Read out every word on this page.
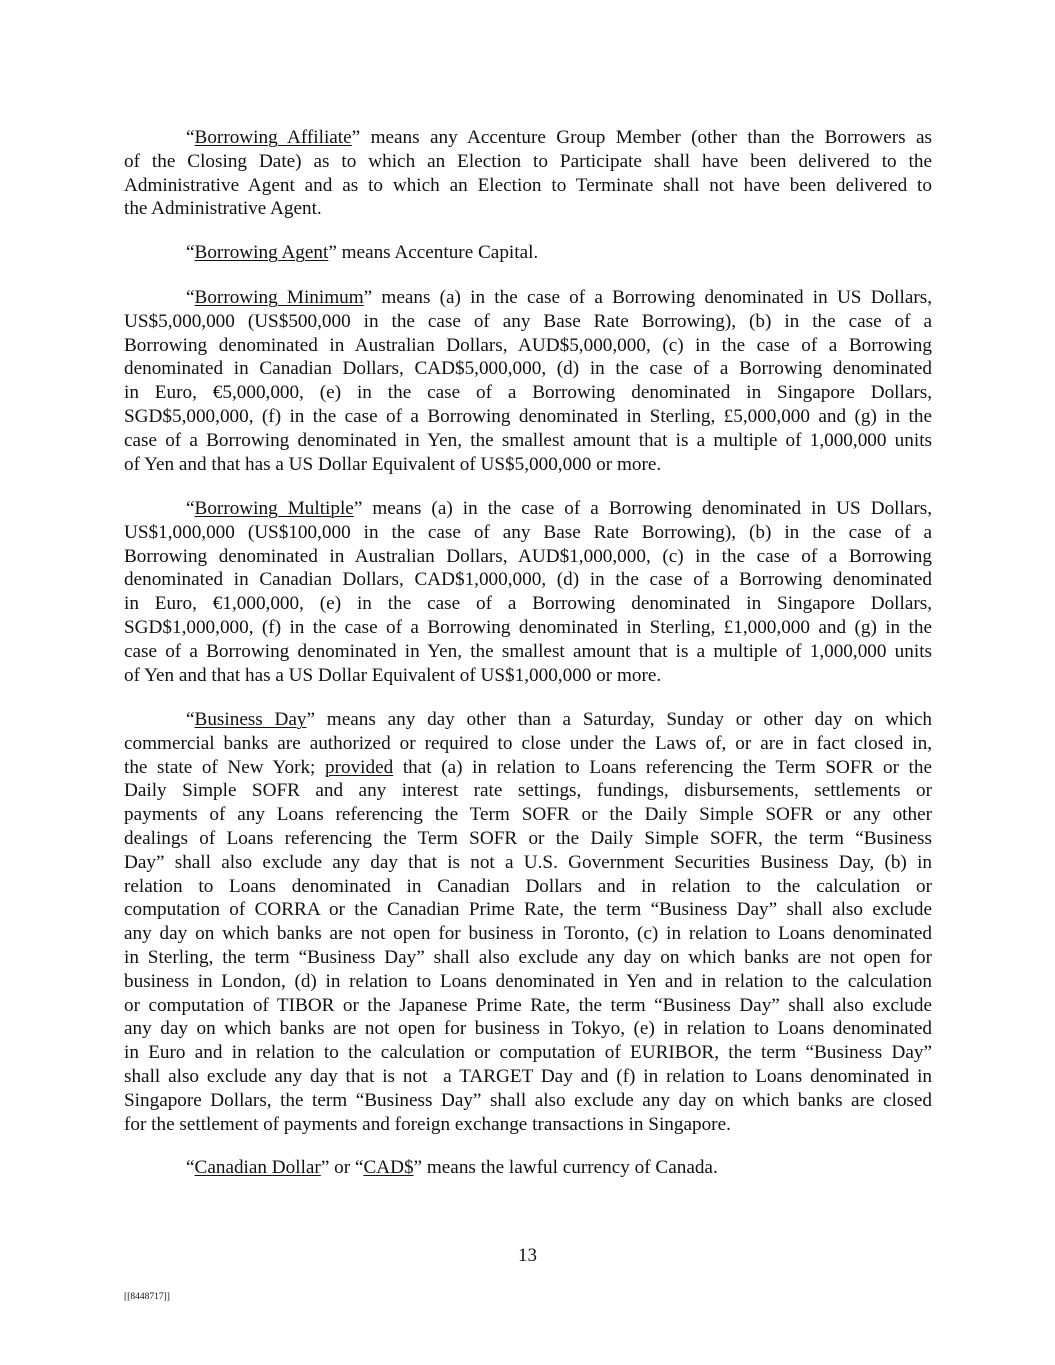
“Borrowing Affiliate” means any Accenture Group Member (other than the Borrowers as
of the Closing Date) as to which an Election to Participate shall have been delivered to the
Administrative Agent and as to which an Election to Terminate shall not have been delivered to
the Administrative Agent.
“Borrowing Agent” means Accenture Capital.
“Borrowing Minimum” means (a) in the case of a Borrowing denominated in US Dollars,
US$5,000,000 (US$500,000 in the case of any Base Rate Borrowing), (b) in the case of a
Borrowing denominated in Australian Dollars, AUD$5,000,000, (c) in the case of a Borrowing
denominated in Canadian Dollars, CAD$5,000,000, (d) in the case of a Borrowing denominated
in Euro, €5,000,000, (e) in the case of a Borrowing denominated in Singapore Dollars,
SGD$5,000,000, (f) in the case of a Borrowing denominated in Sterling, £5,000,000 and (g) in the
case of a Borrowing denominated in Yen, the smallest amount that is a multiple of 1,000,000 units
of Yen and that has a US Dollar Equivalent of US$5,000,000 or more.
“Borrowing Multiple” means (a) in the case of a Borrowing denominated in US Dollars,
US$1,000,000 (US$100,000 in the case of any Base Rate Borrowing), (b) in the case of a
Borrowing denominated in Australian Dollars, AUD$1,000,000, (c) in the case of a Borrowing
denominated in Canadian Dollars, CAD$1,000,000, (d) in the case of a Borrowing denominated
in Euro, €1,000,000, (e) in the case of a Borrowing denominated in Singapore Dollars,
SGD$1,000,000, (f) in the case of a Borrowing denominated in Sterling, £1,000,000 and (g) in the
case of a Borrowing denominated in Yen, the smallest amount that is a multiple of 1,000,000 units
of Yen and that has a US Dollar Equivalent of US$1,000,000 or more.
“Business Day” means any day other than a Saturday, Sunday or other day on which
commercial banks are authorized or required to close under the Laws of, or are in fact closed in,
the state of New York; provided that (a) in relation to Loans referencing the Term SOFR or the
Daily Simple SOFR and any interest rate settings, fundings, disbursements, settlements or
payments of any Loans referencing the Term SOFR or the Daily Simple SOFR or any other
dealings of Loans referencing the Term SOFR or the Daily Simple SOFR, the term “Business
Day” shall also exclude any day that is not a U.S. Government Securities Business Day, (b) in
relation to Loans denominated in Canadian Dollars and in relation to the calculation or
computation of CORRA or the Canadian Prime Rate, the term “Business Day” shall also exclude
any day on which banks are not open for business in Toronto, (c) in relation to Loans denominated
in Sterling, the term “Business Day” shall also exclude any day on which banks are not open for
business in London, (d) in relation to Loans denominated in Yen and in relation to the calculation
or computation of TIBOR or the Japanese Prime Rate, the term “Business Day” shall also exclude
any day on which banks are not open for business in Tokyo, (e) in relation to Loans denominated
in Euro and in relation to the calculation or computation of EURIBOR, the term “Business Day”
shall also exclude any day that is not  a TARGET Day and (f) in relation to Loans denominated in
Singapore Dollars, the term “Business Day” shall also exclude any day on which banks are closed
for the settlement of payments and foreign exchange transactions in Singapore.
“Canadian Dollar” or “CAD$” means the lawful currency of Canada.
13
[[8448717]]
